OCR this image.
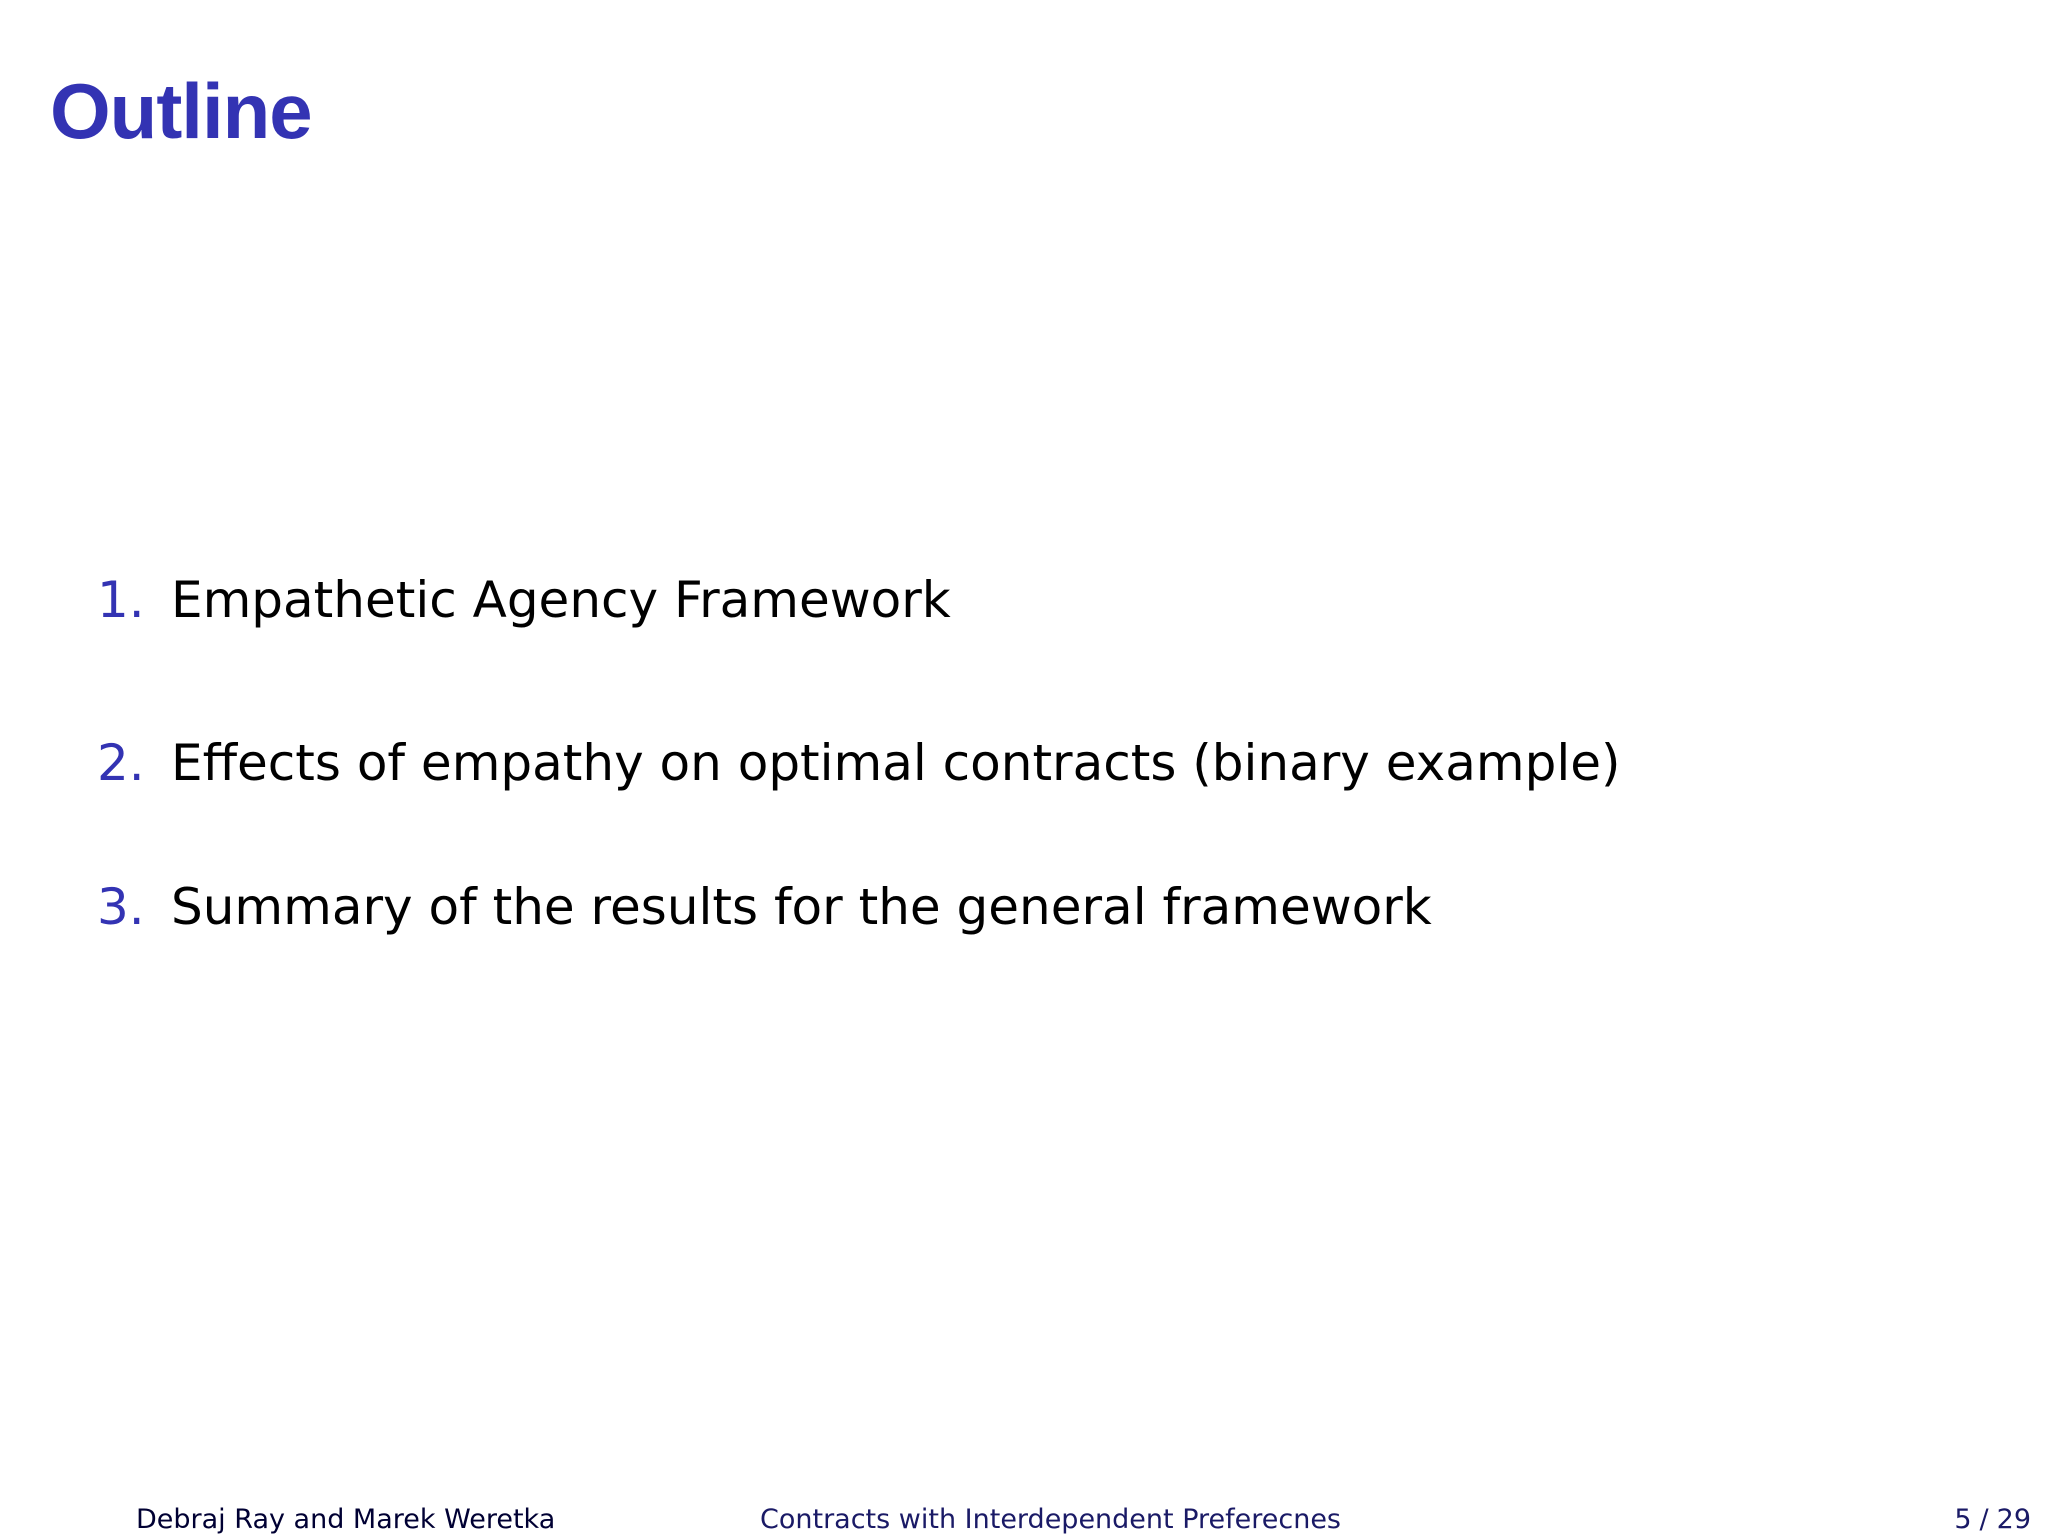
Outline
1. Empathetic Agency Framework
2. Effects of empathy on optimal contracts (binary example)
3. Summary of the results for the general framework
Debraj Ray and Marek Weretka	Contracts with Interdependent Preferecnes	5 / 29
